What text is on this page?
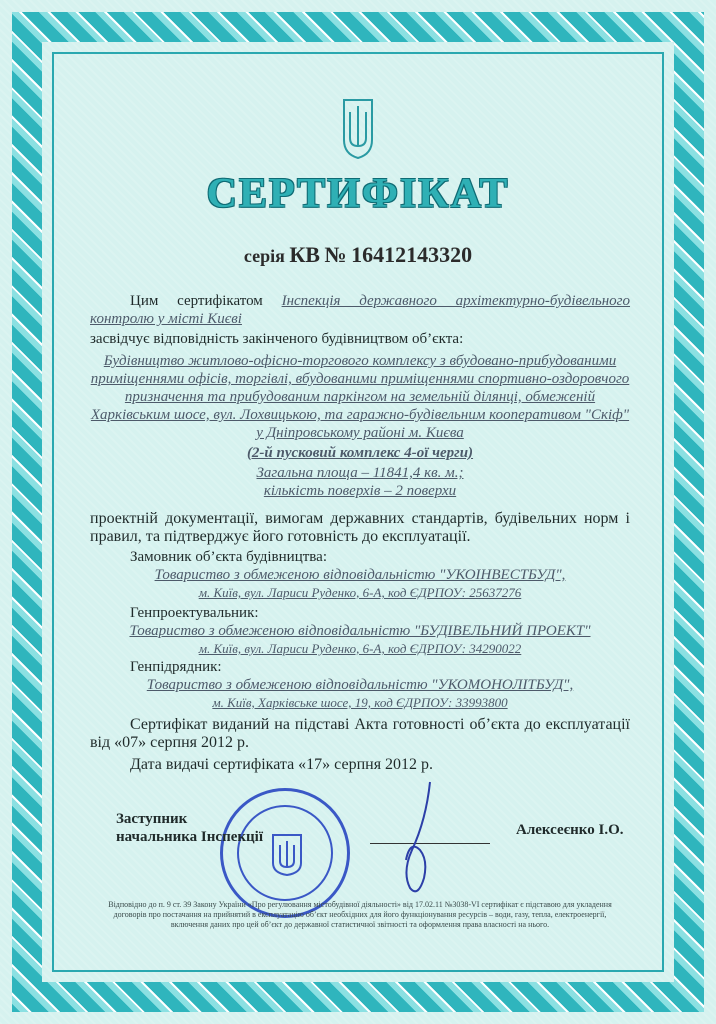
СЕРТИФІКАТ
серія КВ № 16412143320
Цим сертифікатом Інспекція державного архітектурно-будівельного контролю у місті Києві
засвідчує відповідність закінченого будівництвом об’єкта:
Будівництво житлово-офісно-торгового комплексу з вбудовано-прибудованими приміщеннями офісів, торгівлі, вбудованими приміщеннями спортивно-оздоровчого призначення та прибудованим паркінгом на земельній ділянці, обмеженій Харківським шосе, вул. Лохвицькою, та гаражно-будівельним кооперативом "Скіф" у Дніпровському районі м. Києва
(2-й пусковий комплекс 4-ої черги)
Загальна площа – 11841,4 кв. м.;
кількість поверхів – 2 поверхи
проектній документації, вимогам державних стандартів, будівельних норм і правил, та підтверджує його готовність до експлуатації.
Замовник об’єкта будівництва:
Товариство з обмеженою відповідальністю "УКОІНВЕСТБУД",
м. Київ, вул. Лариси Руденко, 6-А, код ЄДРПОУ: 25637276
Генпроектувальник:
Товариство з обмеженою відповідальністю "БУДІВЕЛЬНИЙ ПРОЕКТ"
м. Київ, вул. Лариси Руденко, 6-А, код ЄДРПОУ: 34290022
Генпідрядник:
Товариство з обмеженою відповідальністю "УКОМОНОЛІТБУД",
м. Київ, Харківське шосе, 19, код ЄДРПОУ: 33993800
Сертифікат виданий на підставі Акта готовності об’єкта до експлуатації від «07» серпня 2012 р.
Дата видачі сертифіката «17» серпня 2012 р.
Заступник
начальника Інспекції	Алексеєнко І.О.
Відповідно до п. 9 ст. 39 Закону України «Про регулювання містобудівної діяльності» від 17.02.11 №3038-VI сертифікат є підставою для укладення договорів про постачання на прийнятий в експлуатацію об’єкт необхідних для його функціонування ресурсів – води, газу, тепла, електроенергії, включення даних про цей об’єкт до державної статистичної звітності та оформлення права власності на нього.
